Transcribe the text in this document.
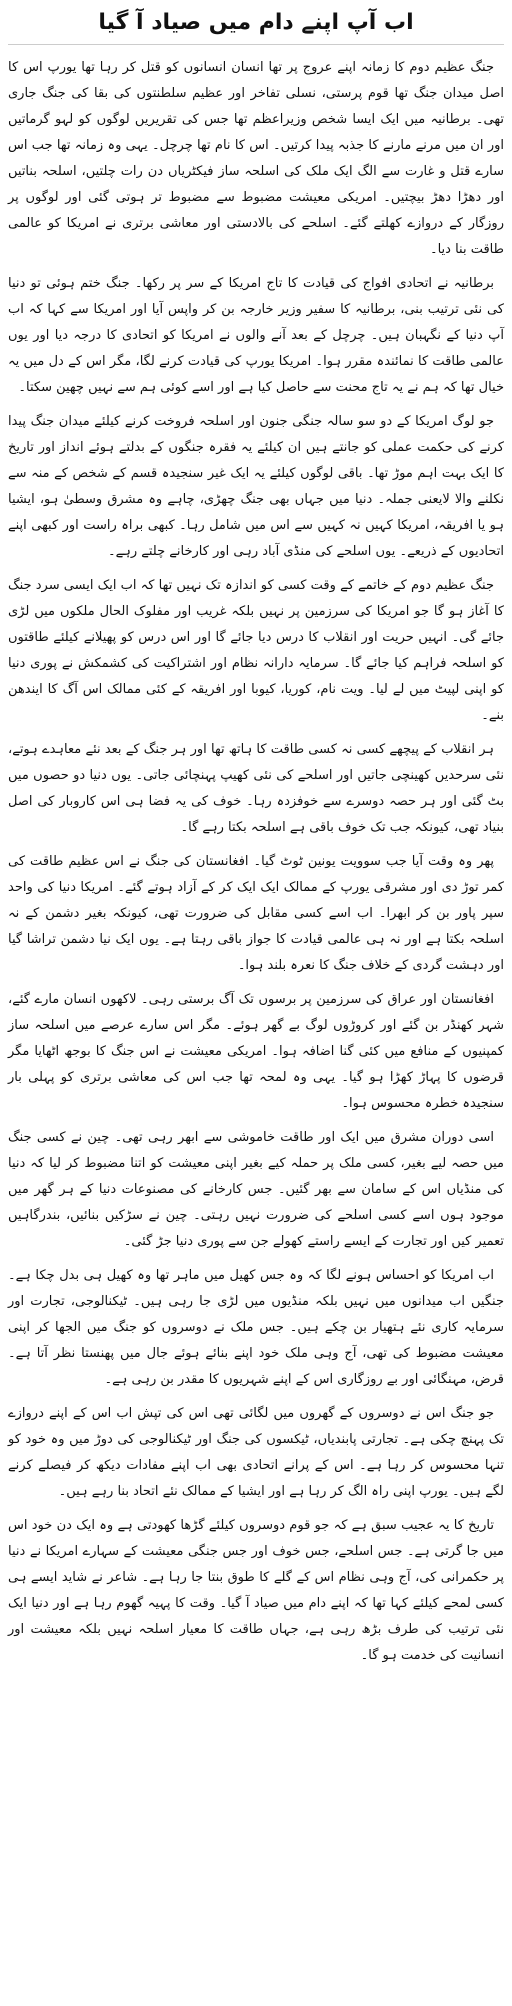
اب آپ اپنے دام میں صیاد آ گیا

جنگ عظیم دوم کا زمانہ اپنے عروج پر تھا انسان انسانوں کو قتل کر رہا تھا یورپ اس کا اصل میدان جنگ تھا قوم پرستی، نسلی تفاخر اور عظیم سلطنتوں کی بقا کی جنگ جاری تھی۔ برطانیہ میں ایک ایسا شخص وزیراعظم تھا جس کی تقریریں لوگوں کو لہو گرماتیں اور ان میں مرنے مارنے کا جذبہ پیدا کرتیں۔ اس کا نام تھا چرچل۔ یہی وہ زمانہ تھا جب اس سارے قتل و غارت سے الگ ایک ملک کی اسلحہ ساز فیکٹریاں دن رات چلتیں، اسلحہ بناتیں اور دھڑا دھڑ بیچتیں۔ امریکی معیشت مضبوط سے مضبوط تر ہوتی گئی اور لوگوں پر روزگار کے دروازے کھلتے گئے۔ اسلحے کی بالادستی اور معاشی برتری نے امریکا کو عالمی طاقت بنا دیا۔

برطانیہ نے اتحادی افواج کی قیادت کا تاج امریکا کے سر پر رکھا۔ جنگ ختم ہوئی تو دنیا کی نئی ترتیب بنی، برطانیہ کا سفیر وزیر خارجہ بن کر واپس آیا اور امریکا سے کہا کہ اب آپ دنیا کے نگہبان ہیں۔ چرچل کے بعد آنے والوں نے امریکا کو اتحادی کا درجہ دیا اور یوں عالمی طاقت کا نمائندہ مقرر ہوا۔ امریکا یورپ کی قیادت کرنے لگا، مگر اس کے دل میں یہ خیال تھا کہ ہم نے یہ تاج محنت سے حاصل کیا ہے اور اسے کوئی ہم سے نہیں چھین سکتا۔

جو لوگ امریکا کے دو سو سالہ جنگی جنون اور اسلحہ فروخت کرنے کیلئے میدان جنگ پیدا کرنے کی حکمت عملی کو جانتے ہیں ان کیلئے یہ فقرہ جنگوں کے بدلتے ہوئے انداز اور تاریخ کا ایک بہت اہم موڑ تھا۔ باقی لوگوں کیلئے یہ ایک غیر سنجیدہ قسم کے شخص کے منہ سے نکلنے والا لایعنی جملہ۔ دنیا میں جہاں بھی جنگ چھڑی، چاہے وہ مشرق وسطیٰ ہو، ایشیا ہو یا افریقہ، امریکا کہیں نہ کہیں سے اس میں شامل رہا۔ کبھی براہ راست اور کبھی اپنے اتحادیوں کے ذریعے۔ یوں اسلحے کی منڈی آباد رہی اور کارخانے چلتے رہے۔

جنگ عظیم دوم کے خاتمے کے وقت کسی کو اندازہ تک نہیں تھا کہ اب ایک ایسی سرد جنگ کا آغاز ہو گا جو امریکا کی سرزمین پر نہیں بلکہ غریب اور مفلوک الحال ملکوں میں لڑی جائے گی۔ انہیں حریت اور انقلاب کا درس دیا جائے گا اور اس درس کو پھیلانے کیلئے طاقتوں کو اسلحہ فراہم کیا جائے گا۔ سرمایہ دارانہ نظام اور اشتراکیت کی کشمکش نے پوری دنیا کو اپنی لپیٹ میں لے لیا۔ ویت نام، کوریا، کیوبا اور افریقہ کے کئی ممالک اس آگ کا ایندھن بنے۔

ہر انقلاب کے پیچھے کسی نہ کسی طاقت کا ہاتھ تھا اور ہر جنگ کے بعد نئے معاہدے ہوتے، نئی سرحدیں کھینچی جاتیں اور اسلحے کی نئی کھیپ پہنچائی جاتی۔ یوں دنیا دو حصوں میں بٹ گئی اور ہر حصہ دوسرے سے خوفزدہ رہا۔ خوف کی یہ فضا ہی اس کاروبار کی اصل بنیاد تھی، کیونکہ جب تک خوف باقی ہے اسلحہ بکتا رہے گا۔

پھر وہ وقت آیا جب سوویت یونین ٹوٹ گیا۔ افغانستان کی جنگ نے اس عظیم طاقت کی کمر توڑ دی اور مشرقی یورپ کے ممالک ایک ایک کر کے آزاد ہوتے گئے۔ امریکا دنیا کی واحد سپر پاور بن کر ابھرا۔ اب اسے کسی مقابل کی ضرورت تھی، کیونکہ بغیر دشمن کے نہ اسلحہ بکتا ہے اور نہ ہی عالمی قیادت کا جواز باقی رہتا ہے۔ یوں ایک نیا دشمن تراشا گیا اور دہشت گردی کے خلاف جنگ کا نعرہ بلند ہوا۔

افغانستان اور عراق کی سرزمین پر برسوں تک آگ برستی رہی۔ لاکھوں انسان مارے گئے، شہر کھنڈر بن گئے اور کروڑوں لوگ بے گھر ہوئے۔ مگر اس سارے عرصے میں اسلحہ ساز کمپنیوں کے منافع میں کئی گنا اضافہ ہوا۔ امریکی معیشت نے اس جنگ کا بوجھ اٹھایا مگر قرضوں کا پہاڑ کھڑا ہو گیا۔ یہی وہ لمحہ تھا جب اس کی معاشی برتری کو پہلی بار سنجیدہ خطرہ محسوس ہوا۔

اسی دوران مشرق میں ایک اور طاقت خاموشی سے ابھر رہی تھی۔ چین نے کسی جنگ میں حصہ لیے بغیر، کسی ملک پر حملہ کیے بغیر اپنی معیشت کو اتنا مضبوط کر لیا کہ دنیا کی منڈیاں اس کے سامان سے بھر گئیں۔ جس کارخانے کی مصنوعات دنیا کے ہر گھر میں موجود ہوں اسے کسی اسلحے کی ضرورت نہیں رہتی۔ چین نے سڑکیں بنائیں، بندرگاہیں تعمیر کیں اور تجارت کے ایسے راستے کھولے جن سے پوری دنیا جڑ گئی۔

اب امریکا کو احساس ہونے لگا کہ وہ جس کھیل میں ماہر تھا وہ کھیل ہی بدل چکا ہے۔ جنگیں اب میدانوں میں نہیں بلکہ منڈیوں میں لڑی جا رہی ہیں۔ ٹیکنالوجی، تجارت اور سرمایہ کاری نئے ہتھیار بن چکے ہیں۔ جس ملک نے دوسروں کو جنگ میں الجھا کر اپنی معیشت مضبوط کی تھی، آج وہی ملک خود اپنے بنائے ہوئے جال میں پھنستا نظر آتا ہے۔ قرض، مہنگائی اور بے روزگاری اس کے اپنے شہریوں کا مقدر بن رہی ہے۔

جو جنگ اس نے دوسروں کے گھروں میں لگائی تھی اس کی تپش اب اس کے اپنے دروازے تک پہنچ چکی ہے۔ تجارتی پابندیاں، ٹیکسوں کی جنگ اور ٹیکنالوجی کی دوڑ میں وہ خود کو تنہا محسوس کر رہا ہے۔ اس کے پرانے اتحادی بھی اب اپنے مفادات دیکھ کر فیصلے کرنے لگے ہیں۔ یورپ اپنی راہ الگ کر رہا ہے اور ایشیا کے ممالک نئے اتحاد بنا رہے ہیں۔

تاریخ کا یہ عجیب سبق ہے کہ جو قوم دوسروں کیلئے گڑھا کھودتی ہے وہ ایک دن خود اس میں جا گرتی ہے۔ جس اسلحے، جس خوف اور جس جنگی معیشت کے سہارے امریکا نے دنیا پر حکمرانی کی، آج وہی نظام اس کے گلے کا طوق بنتا جا رہا ہے۔ شاعر نے شاید ایسے ہی کسی لمحے کیلئے کہا تھا کہ اپنے دام میں صیاد آ گیا۔ وقت کا پہیہ گھوم رہا ہے اور دنیا ایک نئی ترتیب کی طرف بڑھ رہی ہے، جہاں طاقت کا معیار اسلحہ نہیں بلکہ معیشت اور انسانیت کی خدمت ہو گا۔
